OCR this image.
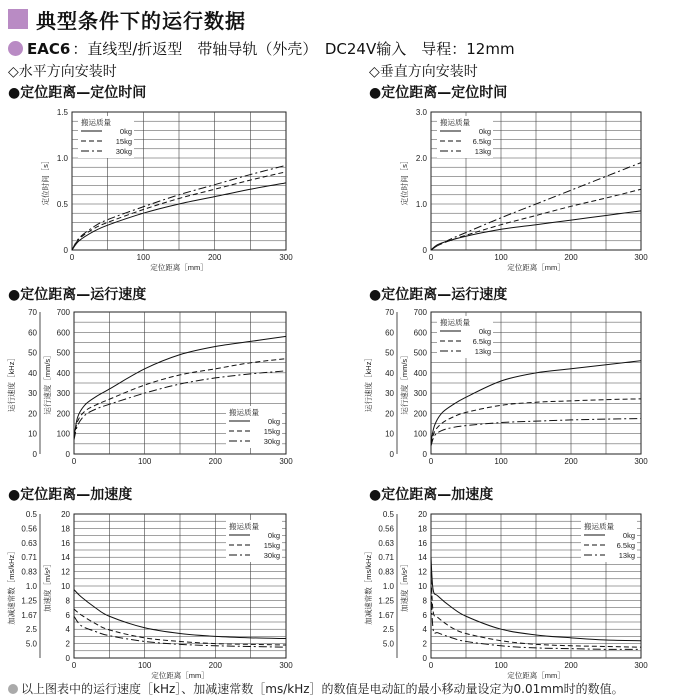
典型条件下的运行数据
EAC6 ：直线型/折返型　带轴导轨（外壳）　DC24V输入　导程：12mm
◇水平方向安装时	◇垂直方向安装时
●定位距离—定位时间	●定位距离—定位时间
●定位距离—运行速度	●定位距离—运行速度
●定位距离—加速度	●定位距离—加速度
0	100	200	300
0
0.5
1.0
1.5
定位时间［s］
定位距离［mm］
搬运质量
0kg
15kg
30kg
0	100	200	300
0
1.0
2.0
3.0
定位时间［s］
定位距离［mm］
搬运质量
0kg
6.5kg
13kg
0	100	200	300
0
100
200
300
400
500
600
700
0
10
20
30
40
50
60
70
运行速度［kHz］	运行速度［mm/s］	搬运质量
0kg
15kg
30kg
0	100	200	300
0
100
200
300
400
500
600
700
0
10
20
30
40
50
60
70
运行速度［kHz］	运行速度［mm/s］
搬运质量
0kg
6.5kg
13kg
0	100	200	300
0
2
4
6
8
10
12
14
16
18
20
5.0
2.5
1.67
1.25
1.0
0.83
0.71
0.63
0.56
0.5
加减速常数［ms/kHz］	加速度［m/s²］
定位距离［mm］
搬运质量
0kg
15kg
30kg
0	100	200	300
0
2
4
6
8
10
12
14
16
18
20
5.0
2.5
1.67
1.25
1.0
0.83
0.71
0.63
0.56
0.5
加减速常数［ms/kHz］	加速度［m/s²］
定位距离［mm］
搬运质量
0kg
6.5kg
13kg
以上图表中的运行速度［kHz］、加减速常数［ms/kHz］的数值是电动缸的最小移动量设定为0.01mm时的数值。
